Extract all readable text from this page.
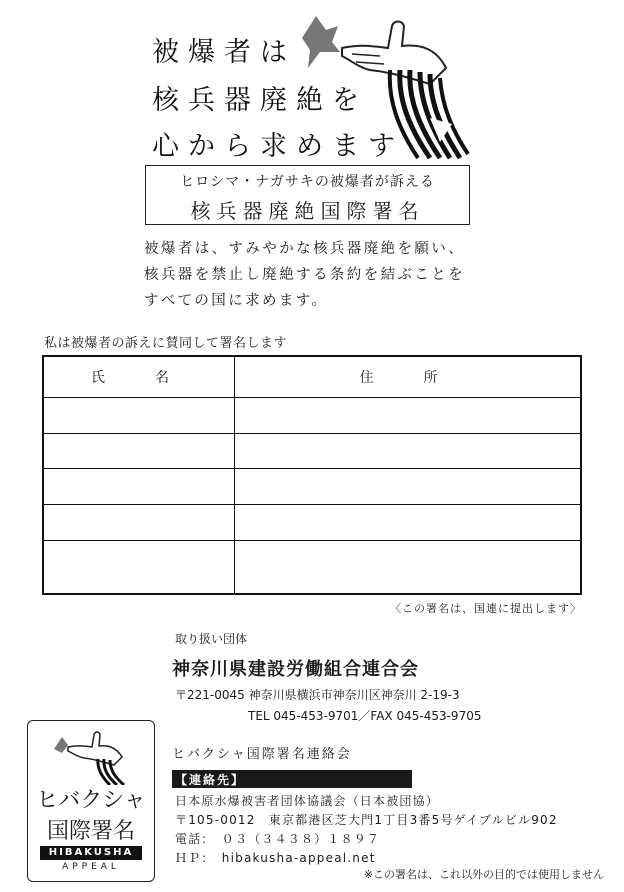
被爆者は
核兵器廃絶を
心から求めます
ヒロシマ・ナガサキの被爆者が訴える
核兵器廃絶国際署名
被爆者は、すみやかな核兵器廃絶を願い、
核兵器を禁止し廃絶する条約を結ぶことを
すべての国に求めます。
私は被爆者の訴えに賛同して署名します
氏　名	住　所

〈この署名は、国連に提出します〉
取り扱い団体
神奈川県建設労働組合連合会
〒221-0045 神奈川県横浜市神奈川区神奈川 2-19-3
TEL 045-453-9701／FAX 045-453-9705
ヒバクシャ国際署名連絡会
【連絡先】
日本原水爆被害者団体協議会（日本被団協）
〒105-0012　東京都港区芝大門1丁目3番5号ゲイブルビル902
電話：　０３（３４３８）１８９７
ＨＰ：　hibakusha-appeal.net
※この署名は、これ以外の目的では使用しません
ヒバクシャ
国際署名
HIBAKUSHA
APPEAL
